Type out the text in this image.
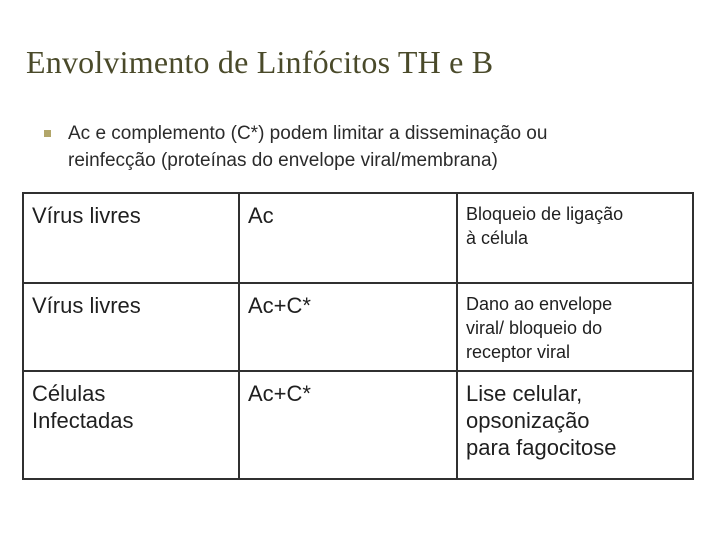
Envolvimento de Linfócitos TH e B
Ac e complemento (C*) podem limitar a disseminação ou
reinfecção (proteínas do envelope viral/membrana)
Vírus livres	Ac	Bloqueio de ligação
à célula

Vírus livres	Ac+C*	Dano ao envelope
viral/ bloqueio do
receptor viral

Células
Infectadas	Ac+C*	Lise celular,
opsonização
para fagocitose
